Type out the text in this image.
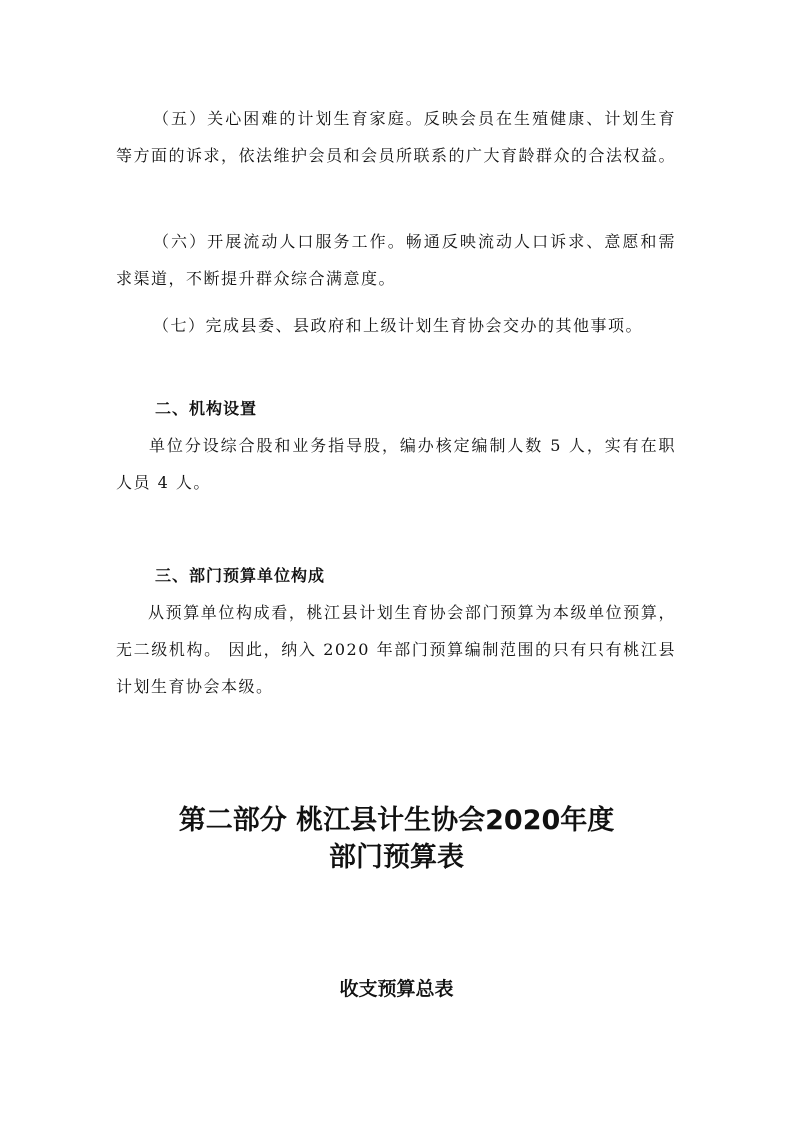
（五）关心困难的计划生育家庭。反映会员在生殖健康、计划生育等方面的诉求，依法维护会员和会员所联系的广大育龄群众的合法权益。

（六）开展流动人口服务工作。畅通反映流动人口诉求、意愿和需求渠道，不断提升群众综合满意度。

（七）完成县委、县政府和上级计划生育协会交办的其他事项。

二、机构设置

单位分设综合股和业务指导股，编办核定编制人数 5 人，实有在职人员 4 人。

三、部门预算单位构成

从预算单位构成看，桃江县计划生育协会部门预算为本级单位预算，无二级机构。 因此，纳入 2020 年部门预算编制范围的只有只有桃江县计划生育协会本级。

第二部分 桃江县计生协会2020年度
部门预算表
收支预算总表
